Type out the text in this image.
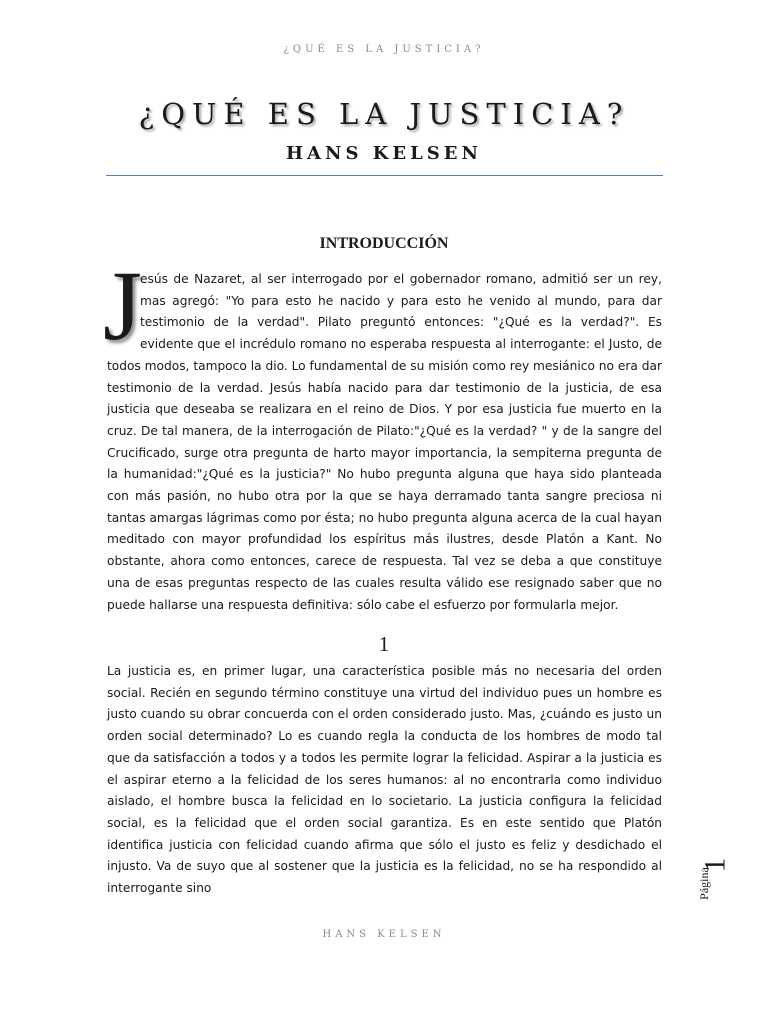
¿QUÉ ES LA JUSTICIA?
¿QUÉ ES LA JUSTICIA?
HANS KELSEN
INTRODUCCIÓN
J
esús de Nazaret, al ser interrogado por el gobernador romano, admitió ser un rey, mas agregó: "Yo para esto he nacido y para esto he venido al mundo, para dar testimonio de la verdad". Pilato preguntó entonces: "¿Qué es la verdad?". Es evidente que el incrédulo romano no esperaba respuesta al interrogante: el Justo, de todos modos, tampoco la dio. Lo fundamental de su misión como rey mesiánico no era dar testimonio de la verdad. Jesús había nacido para dar testimonio de la justicia, de esa justicia que deseaba se realizara en el reino de Dios. Y por esa justicia fue muerto en la cruz. De tal manera, de la interrogación de Pilato:"¿Qué es la verdad? " y de la sangre del Crucificado, surge otra pregunta de harto mayor importancia, la sempiterna pregunta de la humanidad:"¿Qué es la justicia?" No hubo pregunta alguna que haya sido planteada con más pasión, no hubo otra por la que se haya derramado tanta sangre preciosa ni tantas amargas lágrimas como por ésta; no hubo pregunta alguna acerca de la cual hayan meditado con mayor profundidad los espíritus más ilustres, desde Platón a Kant. No obstante, ahora como entonces, carece de respuesta. Tal vez se deba a que constituye una de esas preguntas respecto de las cuales resulta válido ese resignado saber que no puede hallarse una respuesta definitiva: sólo cabe el esfuerzo por formularla mejor.
1
La justicia es, en primer lugar, una característica posible más no necesaria del orden social. Recién en segundo término constituye una virtud del individuo pues un hombre es justo cuando su obrar concuerda con el orden considerado justo. Mas, ¿cuándo es justo un orden social determinado? Lo es cuando regla la conducta de los hombres de modo tal que da satisfacción a todos y a todos les permite lograr la felicidad. Aspirar a la justicia es el aspirar eterno a la felicidad de los seres humanos: al no encontrarla como individuo aislado, el hombre busca la felicidad en lo societario. La justicia configura la felicidad social, es la felicidad que el orden social garantiza. Es en este sentido que Platón identifica justicia con felicidad cuando afirma que sólo el justo es feliz y desdichado el injusto. Va de suyo que al sostener que la justicia es la felicidad, no se ha respondido al interrogante sino
HANS KELSEN
Página
1
